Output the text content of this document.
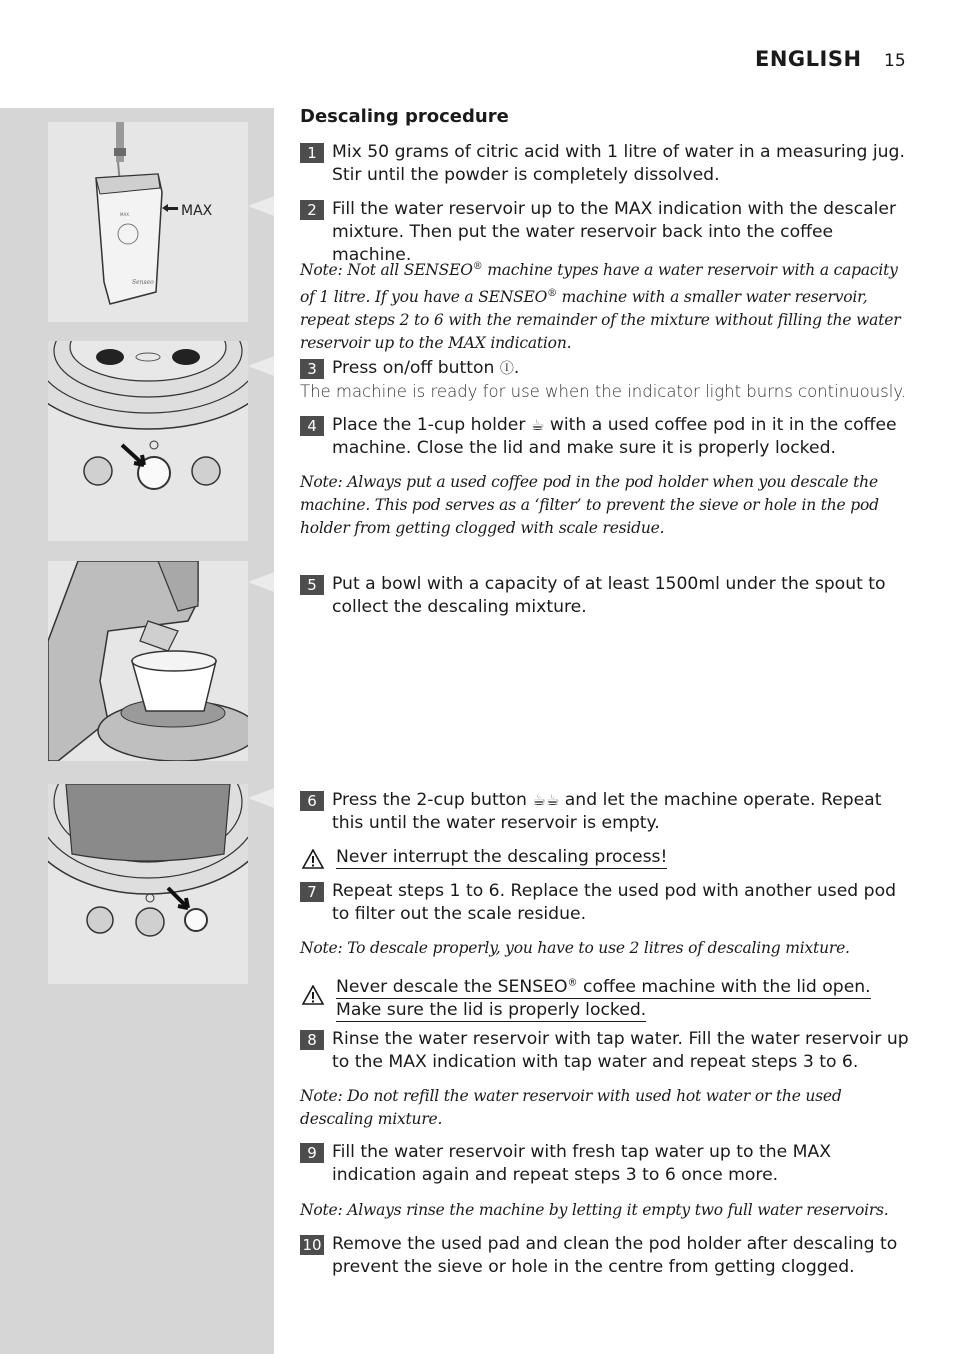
ENGLISH 15
MAX
Senseo
MAX
Descaling procedure
1 Mix 50 grams of citric acid with 1 litre of water in a measuring jug. Stir until the powder is completely dissolved.
2 Fill the water reservoir up to the MAX indication with the descaler mixture. Then put the water reservoir back into the coffee machine.
Note: Not all SENSEO® machine types have a water reservoir with a capacity of 1 litre. If you have a SENSEO® machine with a smaller water reservoir, repeat steps 2 to 6 with the remainder of the mixture without filling the water reservoir up to the MAX indication.
3 Press on/off button Ⓘ.
The machine is ready for use when the indicator light burns continuously.
4 Place the 1-cup holder ☕ with a used coffee pod in it in the coffee machine. Close the lid and make sure it is properly locked.
Note: Always put a used coffee pod in the pod holder when you descale the machine. This pod serves as a ‘filter’ to prevent the sieve or hole in the pod holder from getting clogged with scale residue.
5 Put a bowl with a capacity of at least 1500ml under the spout to collect the descaling mixture.
6 Press the 2-cup button ☕☕ and let the machine operate. Repeat this until the water reservoir is empty.
Never interrupt the descaling process!
7 Repeat steps 1 to 6. Replace the used pod with another used pod to filter out the scale residue.
Note: To descale properly, you have to use 2 litres of descaling mixture.
Never descale the SENSEO® coffee machine with the lid open. Make sure the lid is properly locked.
8 Rinse the water reservoir with tap water. Fill the water reservoir up to the MAX indication with tap water and repeat steps 3 to 6.
Note: Do not refill the water reservoir with used hot water or the used descaling mixture.
9 Fill the water reservoir with fresh tap water up to the MAX indication again and repeat steps 3 to 6 once more.
Note: Always rinse the machine by letting it empty two full water reservoirs.
10 Remove the used pad and clean the pod holder after descaling to prevent the sieve or hole in the centre from getting clogged.
